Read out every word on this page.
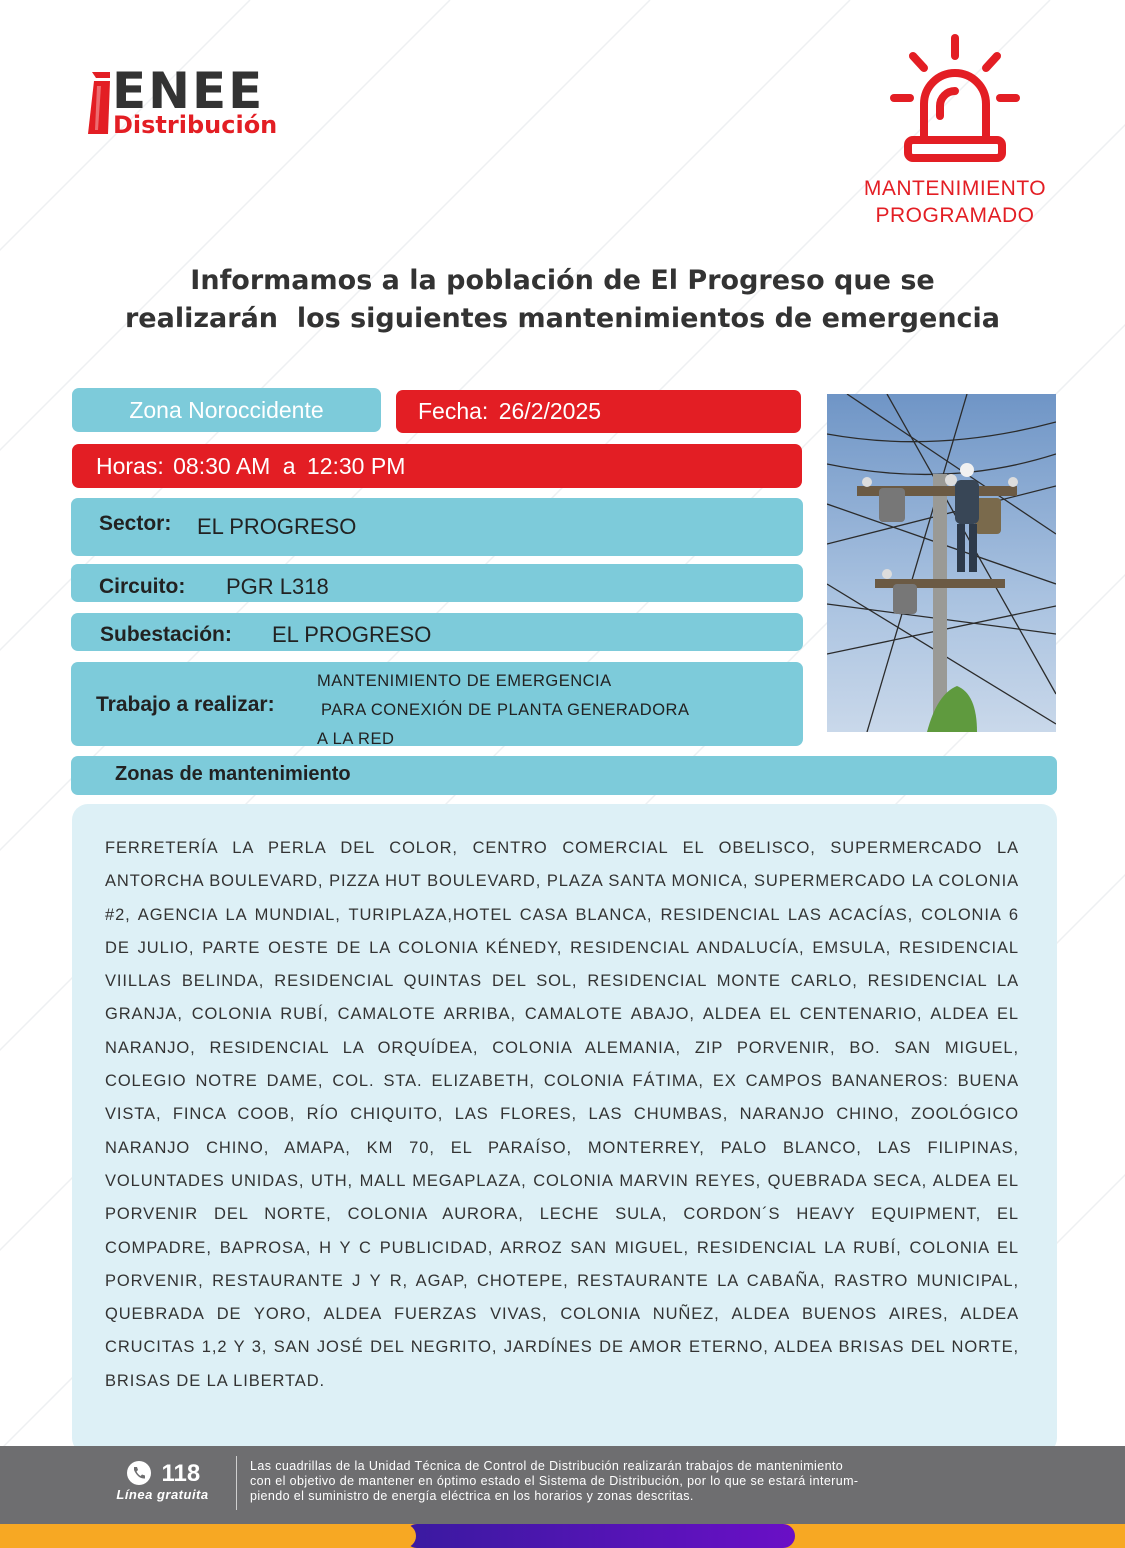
ENEE
Distribución
MANTENIMIENTO
PROGRAMADO
Informamos a la población de El Progreso que se
realizarán  los siguientes mantenimientos de emergencia
Zona Noroccidente	Fecha: 26/2/2025
Horas: 08:30 AM a 12:30 PM
Sector: EL PROGRESO
Circuito: PGR L318
Subestación: EL PROGRESO
Trabajo a realizar:
MANTENIMIENTO DE EMERGENCIA
PARA CONEXIÓN DE PLANTA GENERADORA
A LA RED
Zonas de mantenimiento
FERRETERÍA LA PERLA DEL COLOR, CENTRO COMERCIAL EL OBELISCO, SUPERMERCADO LA ANTORCHA BOULEVARD, PIZZA HUT BOULEVARD, PLAZA SANTA MONICA, SUPERMERCADO LA COLONIA #2, AGENCIA LA MUNDIAL, TURIPLAZA,HOTEL CASA BLANCA, RESIDENCIAL LAS ACACÍAS, COLONIA 6 DE JULIO, PARTE OESTE DE LA COLONIA KÉNEDY, RESIDENCIAL ANDALUCÍA, EMSULA, RESIDENCIAL VIILLAS BELINDA, RESIDENCIAL QUINTAS DEL SOL, RESIDENCIAL MONTE CARLO, RESIDENCIAL LA GRANJA, COLONIA RUBÍ, CAMALOTE ARRIBA, CAMALOTE ABAJO, ALDEA EL CENTENARIO, ALDEA EL NARANJO, RESIDENCIAL LA ORQUÍDEA, COLONIA ALEMANIA, ZIP PORVENIR, BO. SAN MIGUEL, COLEGIO NOTRE DAME, COL. STA. ELIZABETH, COLONIA FÁTIMA, EX CAMPOS BANANEROS: BUENA VISTA, FINCA COOB, RÍO CHIQUITO, LAS FLORES, LAS CHUMBAS, NARANJO CHINO, ZOOLÓGICO NARANJO CHINO, AMAPA, KM 70, EL PARAÍSO, MONTERREY, PALO BLANCO, LAS FILIPINAS, VOLUNTADES UNIDAS, UTH, MALL MEGAPLAZA, COLONIA MARVIN REYES, QUEBRADA SECA, ALDEA EL PORVENIR DEL NORTE, COLONIA AURORA, LECHE SULA, CORDON´S HEAVY EQUIPMENT, EL COMPADRE, BAPROSA, H Y C PUBLICIDAD, ARROZ SAN MIGUEL, RESIDENCIAL LA RUBÍ, COLONIA EL PORVENIR, RESTAURANTE J Y R, AGAP, CHOTEPE, RESTAURANTE LA CABAÑA, RASTRO MUNICIPAL, QUEBRADA DE YORO, ALDEA FUERZAS VIVAS, COLONIA NUÑEZ, ALDEA BUENOS AIRES, ALDEA CRUCITAS 1,2 Y 3, SAN JOSÉ DEL NEGRITO, JARDÍNES DE AMOR ETERNO, ALDEA BRISAS DEL NORTE, BRISAS DE LA LIBERTAD.
118
Línea gratuita
Las cuadrillas de la Unidad Técnica de Control de Distribución realizarán trabajos de mantenimiento
con el objetivo de mantener en óptimo estado el Sistema de Distribución, por lo que se estará interum-
piendo el suministro de energía eléctrica en los horarios y zonas descritas.
